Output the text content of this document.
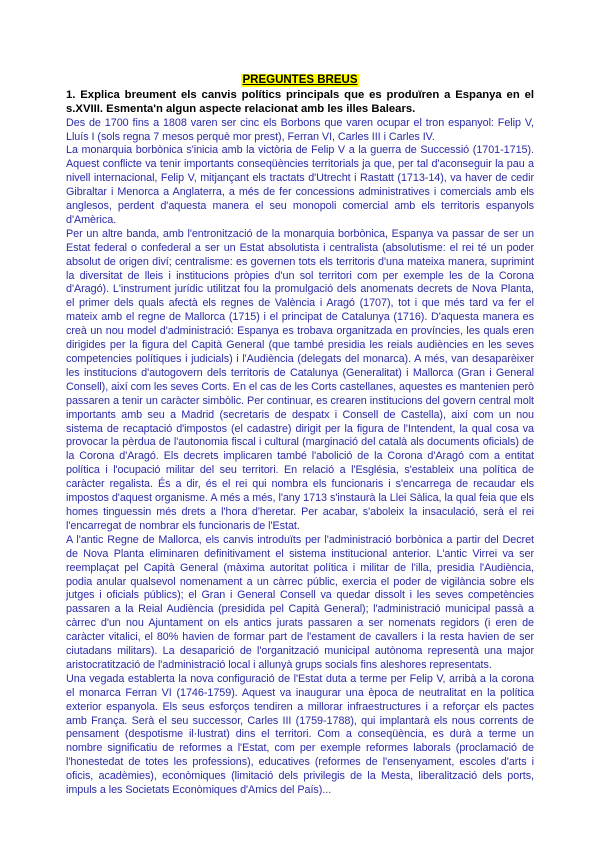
PREGUNTES BREUS

1. Explica breument els canvis polítics principals que es produïren a Espanya en el s.XVIII. Esmenta'n algun aspecte relacionat amb les illes Balears.

Des de 1700 fins a 1808 varen ser cinc els Borbons que varen ocupar el tron espanyol: Felip V, Lluís I (sols regna 7 mesos perquè mor prest), Ferran VI, Carles III i Carles IV.

La monarquia borbònica s'inicia amb la victòria de Felip V a la guerra de Successió (1701-1715). Aquest conflicte va tenir importants conseqüències territorials ja que, per tal d'aconseguir la pau a nivell internacional, Felip V, mitjançant els tractats d'Utrecht i Rastatt (1713-14), va haver de cedir Gibraltar i Menorca a Anglaterra, a més de fer concessions administratives i comercials amb els anglesos, perdent d'aquesta manera el seu monopoli comercial amb els territoris espanyols d'Amèrica.

Per un altre banda, amb l'entronització de la monarquia borbònica, Espanya va passar de ser un Estat federal o confederal a ser un Estat absolutista i centralista (absolutisme: el rei té un poder absolut de origen diví; centralisme: es governen tots els territoris d'una mateixa manera, suprimint la diversitat de lleis i institucions pròpies d'un sol territori com per exemple les de la Corona d'Aragó). L'instrument jurídic utilitzat fou la promulgació dels anomenats decrets de Nova Planta, el primer dels quals afectà els regnes de València i Aragó (1707), tot i que més tard va fer el mateix amb el regne de Mallorca (1715) i el principat de Catalunya (1716). D'aquesta manera es creà un nou model d'administració: Espanya es trobava organitzada en províncies, les quals eren dirigides per la figura del Capità General (que també presidia les reials audiències en les seves competencies polítiques i judicials) i l'Audiència (delegats del monarca). A més, van desaparèixer les institucions d'autogovern dels territoris de Catalunya (Generalitat) i Mallorca (Gran i General Consell), així com les seves Corts. En el cas de les Corts castellanes, aquestes es mantenien però passaren a tenir un caràcter simbòlic. Per continuar, es crearen institucions del govern central molt importants amb seu a Madrid (secretaris de despatx i Consell de Castella), així com un nou sistema de recaptació d'impostos (el cadastre) dirigit per la figura de l'Intendent, la qual cosa va provocar la pèrdua de l'autonomia fiscal i cultural (marginació del català als documents oficials) de la Corona d'Aragó. Els decrets implicaren també l'abolició de la Corona d'Aragó com a entitat política i l'ocupació militar del seu territori. En relació a l'Església, s'estableix una política de caràcter regalista. És a dir, és el rei qui nombra els funcionaris i s'encarrega de recaudar els impostos d'aquest organisme. A més a més, l'any 1713 s'instaurà la Llei Sàlica, la qual feia que els homes tinguessin més drets a l'hora d'heretar. Per acabar, s'aboleix la insaculació, serà el rei l'encarregat de nombrar els funcionaris de l'Estat.

A l'antic Regne de Mallorca, els canvis introduïts per l'administració borbònica a partir del Decret de Nova Planta eliminaren definitivament el sistema institucional anterior. L'antic Virrei va ser reemplaçat pel Capità General (màxima autoritat política i militar de l'illa, presidia l'Audiència, podia anular qualsevol nomenament a un càrrec públic, exercia el poder de vigilància sobre els jutges i oficials públics); el Gran i General Consell va quedar dissolt i les seves competències passaren a la Reial Audiència (presidida pel Capità General); l'administració municipal passà a càrrec d'un nou Ajuntament on els antics jurats passaren a ser nomenats regidors (i eren de caràcter vitalici, el 80% havien de formar part de l'estament de cavallers i la resta havien de ser ciutadans militars). La desaparició de l'organització municipal autònoma representà una major aristocratització de l'administració local i allunyà grups socials fins aleshores representats.

Una vegada establerta la nova configuració de l'Estat duta a terme per Felip V, arribà a la corona el monarca Ferran VI (1746-1759). Aquest va inaugurar una època de neutralitat en la política exterior espanyola. Els seus esforços tendiren a millorar infraestructures i a reforçar els pactes amb França. Serà el seu successor, Carles III (1759-1788), qui implantarà els nous corrents de pensament (despotisme il·lustrat) dins el territori. Com a conseqüència, es durà a terme un nombre significatiu de reformes a l'Estat, com per exemple reformes laborals (proclamació de l'honestedat de totes les professions), educatives (reformes de l'ensenyament, escoles d'arts i oficis, acadèmies), econòmiques (limitació dels privilegis de la Mesta, liberalització dels ports, impuls a les Societats Econòmiques d'Amics del País)...
